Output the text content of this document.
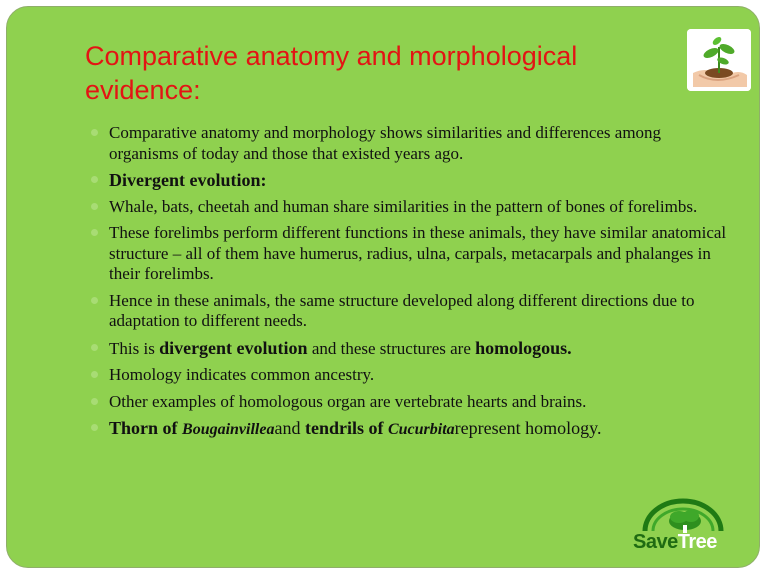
Comparative anatomy and morphological
evidence:
Comparative anatomy and morphology shows similarities and differences among organisms of today and those that existed years ago.
Divergent evolution:
Whale, bats, cheetah and human share similarities in the pattern of bones of forelimbs.
These forelimbs perform different functions in these animals, they have similar anatomical structure – all of them have humerus, radius, ulna, carpals, metacarpals and phalanges in their forelimbs.
Hence in these animals, the same structure developed along different directions due to adaptation to different needs.
This is divergent evolution and these structures are homologous.
Homology indicates common ancestry.
Other examples of homologous organ are vertebrate hearts and brains.
Thorn of Bougainvilleaand tendrils of Cucurbitarepresent homology.
SaveTree
